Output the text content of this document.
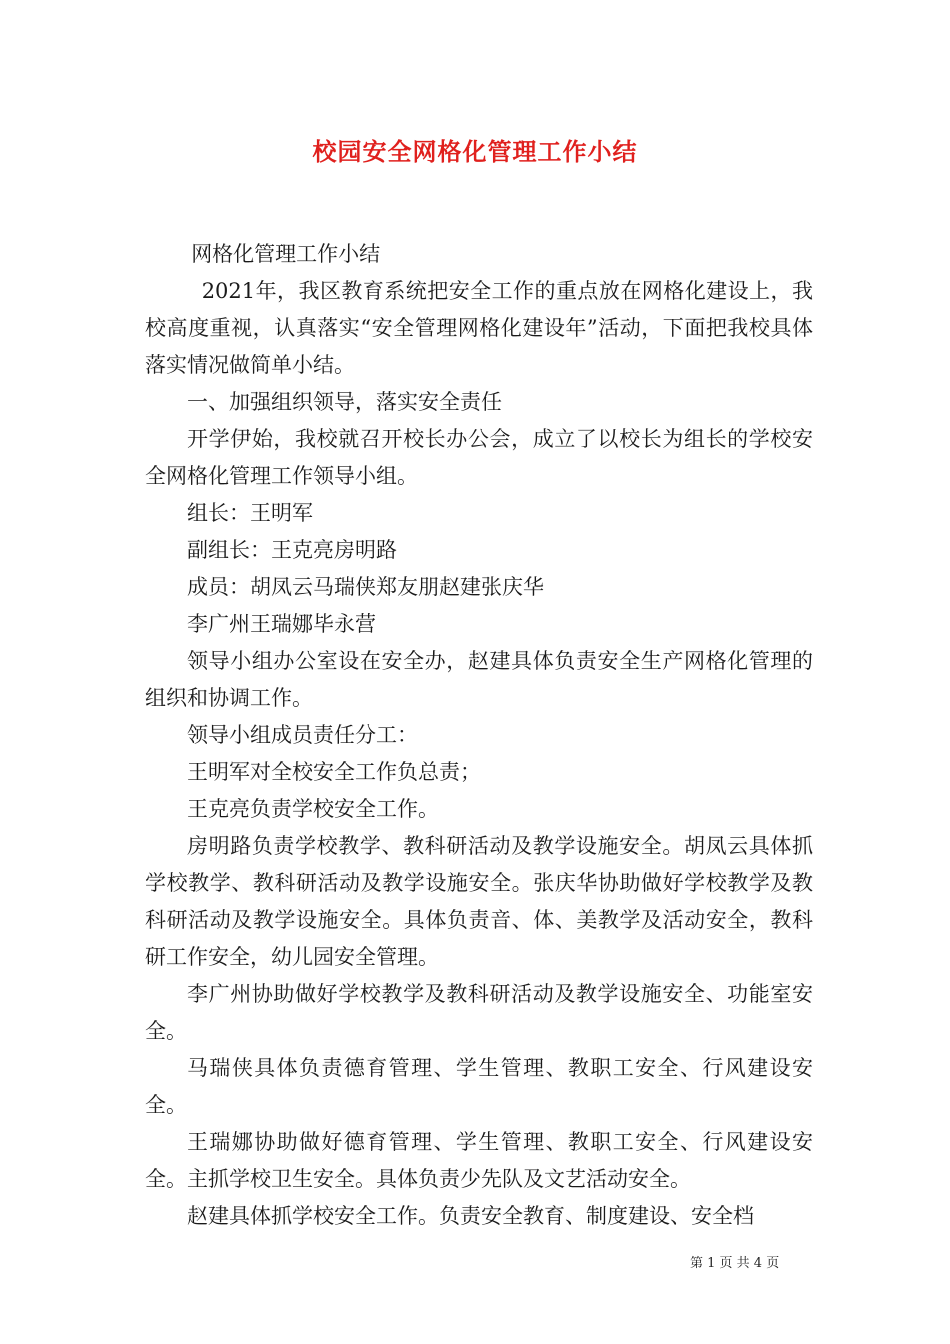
校园安全网格化管理工作小结

网格化管理工作小结

2021年，我区教育系统把安全工作的重点放在网格化建设上，我校高度重视，认真落实“安全管理网格化建设年”活动，下面把我校具体落实情况做简单小结。

一、加强组织领导，落实安全责任

开学伊始，我校就召开校长办公会，成立了以校长为组长的学校安全网格化管理工作领导小组。

组长：王明军

副组长：王克亮房明路

成员：胡凤云马瑞侠郑友朋赵建张庆华

李广州王瑞娜毕永营

领导小组办公室设在安全办，赵建具体负责安全生产网格化管理的组织和协调工作。

领导小组成员责任分工：

王明军对全校安全工作负总责；

王克亮负责学校安全工作。

房明路负责学校教学、教科研活动及教学设施安全。胡凤云具体抓学校教学、教科研活动及教学设施安全。张庆华协助做好学校教学及教科研活动及教学设施安全。具体负责音、体、美教学及活动安全，教科研工作安全，幼儿园安全管理。

李广州协助做好学校教学及教科研活动及教学设施安全、功能室安全。

马瑞侠具体负责德育管理、学生管理、教职工安全、行风建设安全。

王瑞娜协助做好德育管理、学生管理、教职工安全、行风建设安全。主抓学校卫生安全。具体负责少先队及文艺活动安全。

赵建具体抓学校安全工作。负责安全教育、制度建设、安全档

第 1 页 共 4 页
